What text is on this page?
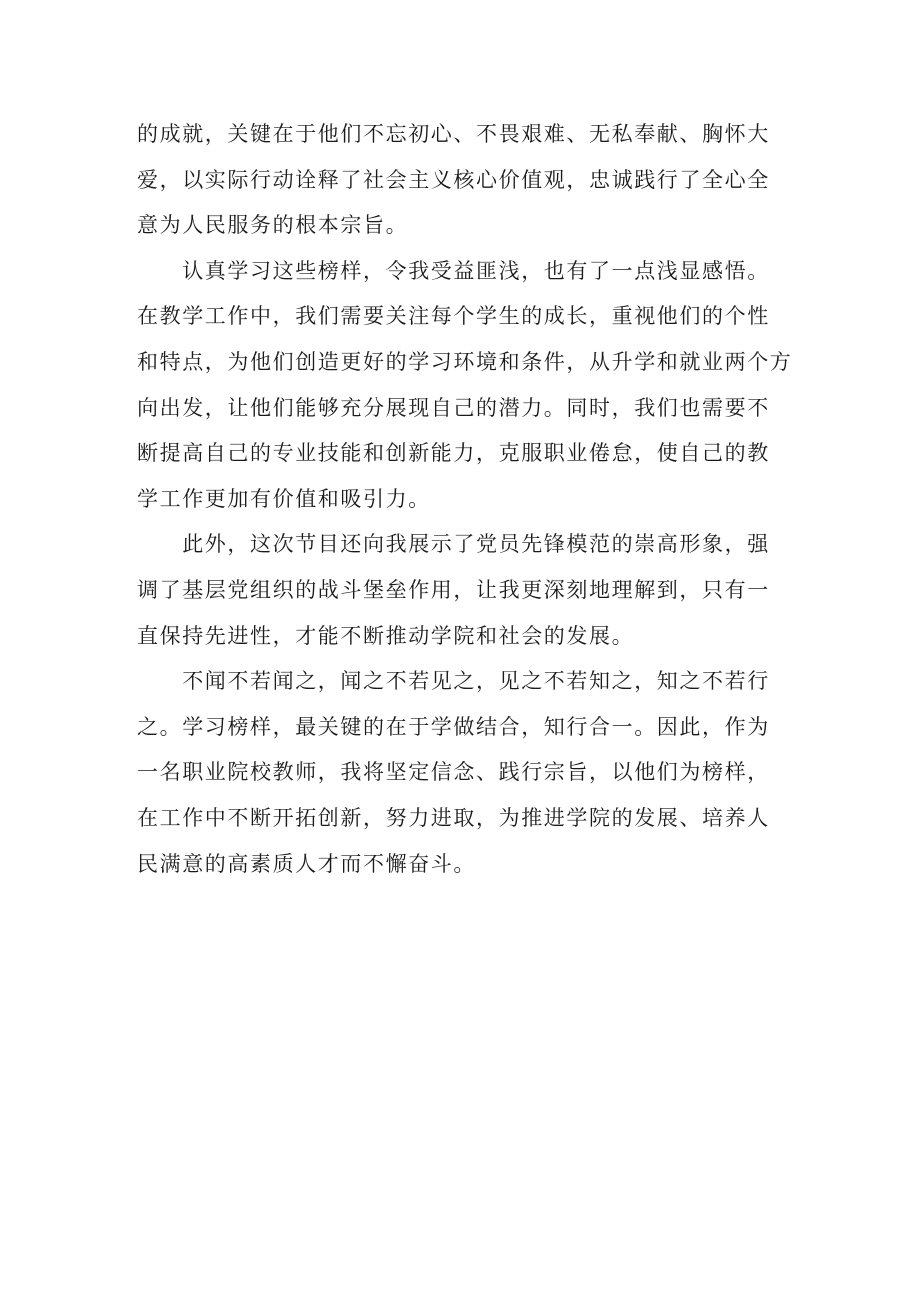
的成就，关键在于他们不忘初心、不畏艰难、无私奉献、胸怀大
爱，以实际行动诠释了社会主义核心价值观，忠诚践行了全心全
意为人民服务的根本宗旨。
　　认真学习这些榜样，令我受益匪浅，也有了一点浅显感悟。
在教学工作中，我们需要关注每个学生的成长，重视他们的个性
和特点，为他们创造更好的学习环境和条件，从升学和就业两个方
向出发，让他们能够充分展现自己的潜力。同时，我们也需要不
断提高自己的专业技能和创新能力，克服职业倦怠，使自己的教
学工作更加有价值和吸引力。
　　此外，这次节目还向我展示了党员先锋模范的崇高形象，强
调了基层党组织的战斗堡垒作用，让我更深刻地理解到，只有一
直保持先进性，才能不断推动学院和社会的发展。
　　不闻不若闻之，闻之不若见之，见之不若知之，知之不若行
之。学习榜样，最关键的在于学做结合，知行合一。因此，作为
一名职业院校教师，我将坚定信念、践行宗旨，以他们为榜样，
在工作中不断开拓创新，努力进取，为推进学院的发展、培养人
民满意的高素质人才而不懈奋斗。
